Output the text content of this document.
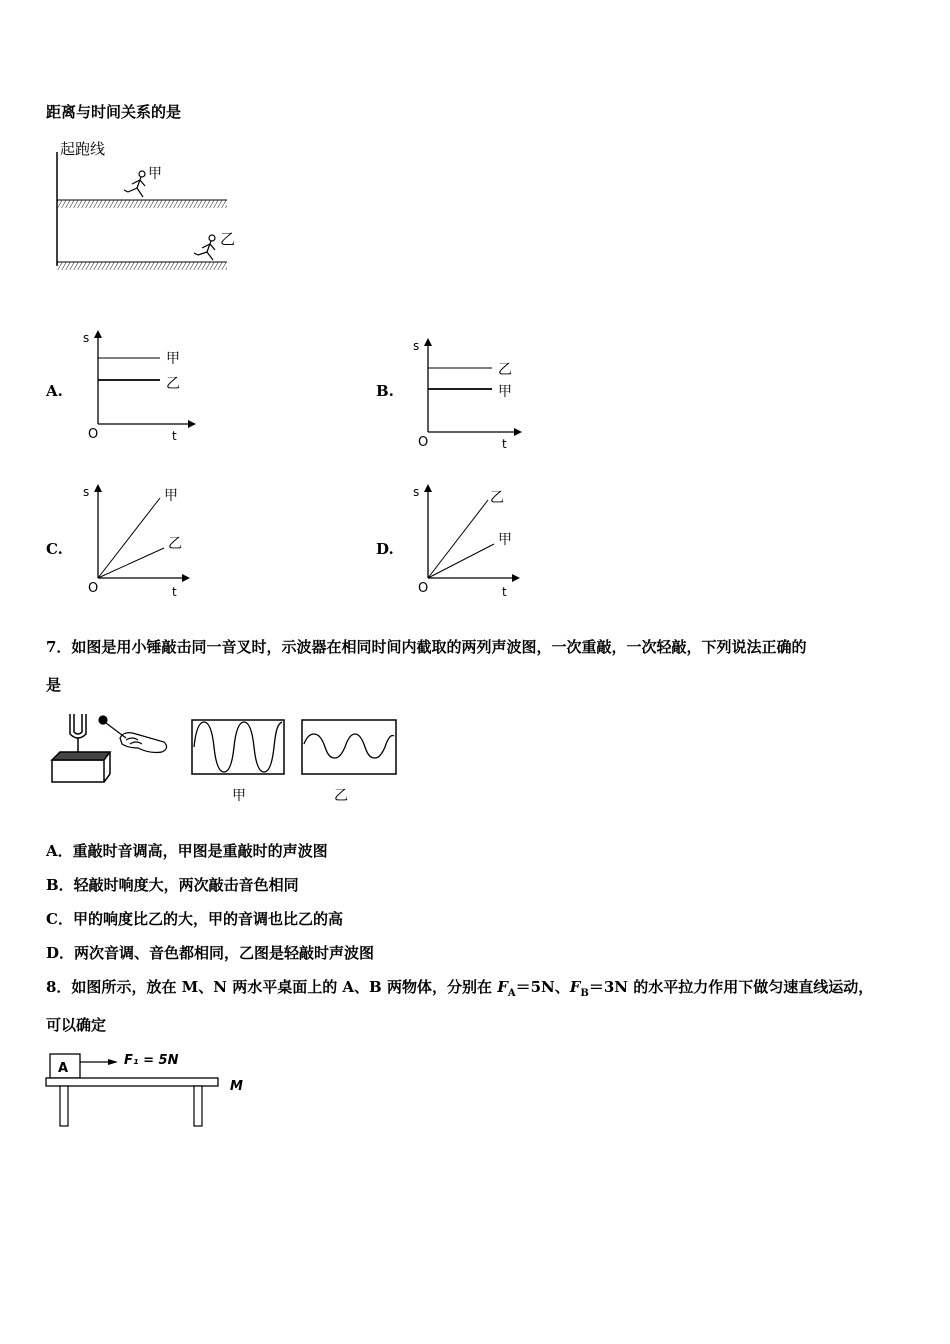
距离与时间关系的是
起跑线
甲
乙
A.
s
O	t
甲
乙	B.
s
O	t
乙
甲
C.
s
O	t
甲
乙	D.
s
O	t
乙
甲
7．如图是用小锤敲击同一音叉时，示波器在相同时间内截取的两列声波图，一次重敲，一次轻敲，下列说法正确的
是
甲	乙
A．重敲时音调高，甲图是重敲时的声波图
B．轻敲时响度大，两次敲击音色相同
C．甲的响度比乙的大，甲的音调也比乙的高
D．两次音调、音色都相同，乙图是轻敲时声波图
8．如图所示，放在 M、N 两水平桌面上的 A、B 两物体，分别在 $F_A=5N$、$F_B=3N$ 的水平拉力作用下做匀速直线运动，
可以确定
A
F₁ = 5N
M
